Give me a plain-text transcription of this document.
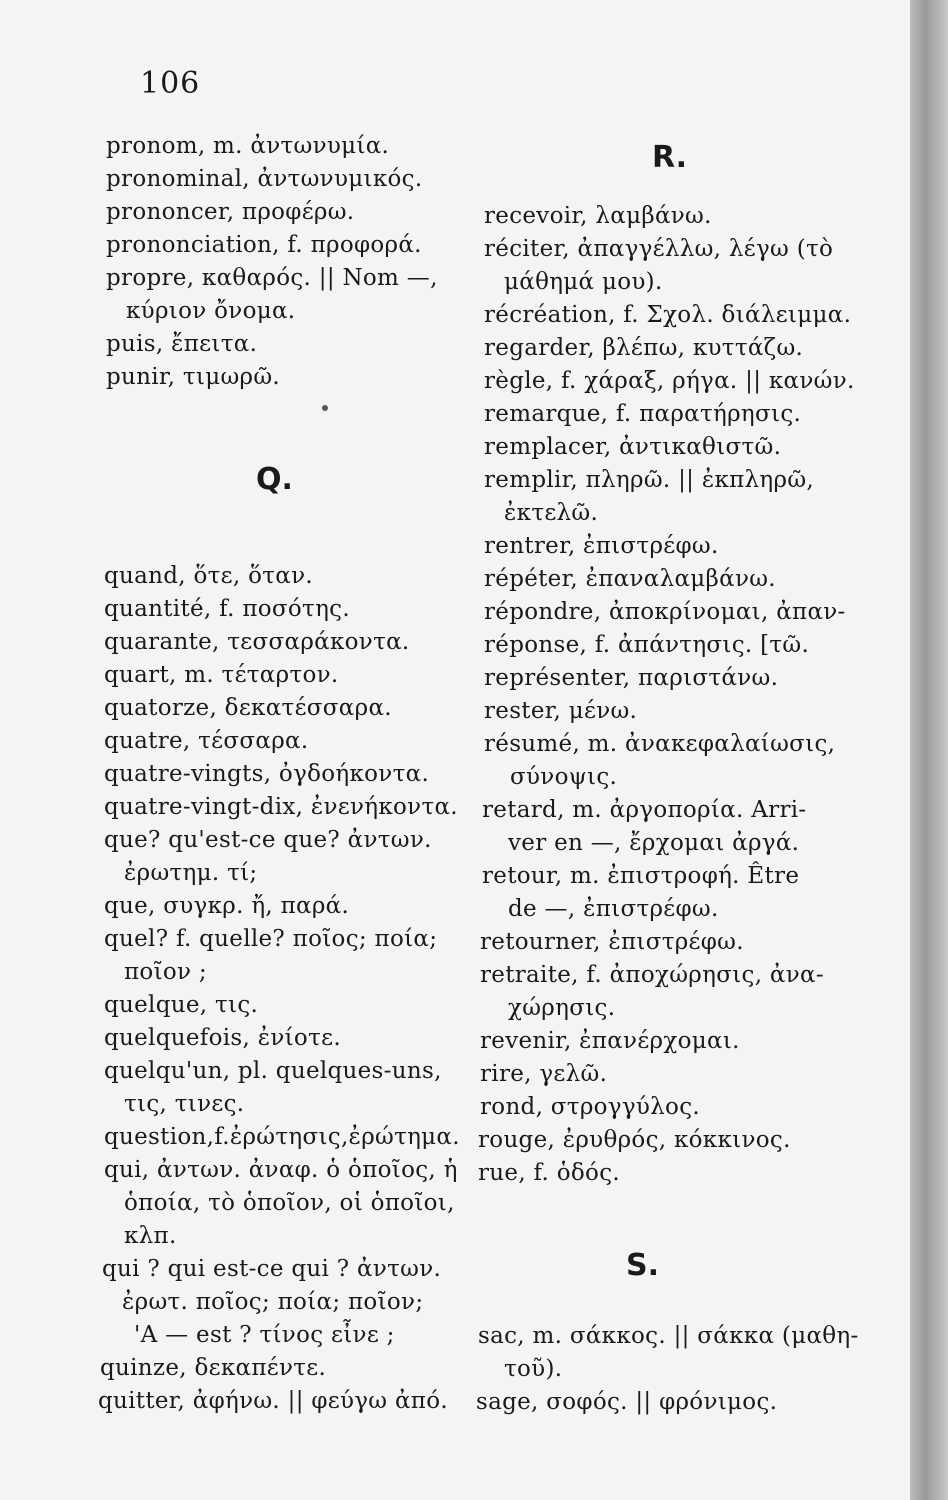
106
pronom, m. ἀντωνυμία.
pronominal, ἀντωνυμικός.
prononcer, προφέρω.
prononciation, f. προφορά.
propre, καθαρός. || Nom —,
κύριον ὄνομα.
puis, ἔπειτα.
punir, τιμωρῶ.
Q.
quand, ὅτε, ὅταν.
quantité, f. ποσότης.
quarante, τεσσαράκοντα.
quart, m. τέταρτον.
quatorze, δεκατέσσαρα.
quatre, τέσσαρα.
quatre-vingts, ὀγδοήκοντα.
quatre-vingt-dix, ἐνενήκοντα.
que? qu'est-ce que? ἀντων.
ἐρωτημ. τί;
que, συγκρ. ἤ, παρά.
quel? f. quelle? ποῖος; ποία;
ποῖον ;
quelque, τις.
quelquefois, ἐνίοτε.
quelqu'un, pl. quelques-uns,
τις, τινες.
question,f.ἐρώτησις,ἐρώτημα.
qui, ἀντων. ἀναφ. ὁ ὁποῖος, ἡ
ὁποία, τὸ ὁποῖον, οἱ ὁποῖοι,
κλπ.
qui ? qui est-ce qui ? ἀντων.
ἐρωτ. ποῖος; ποία; ποῖον;
'A — est ? τίνος εἶνε ;
quinze, δεκαπέντε.
quitter, ἀφήνω. || φεύγω ἀπό.
R.
recevoir, λαμβάνω.
réciter, ἀπαγγέλλω, λέγω (τὸ
μάθημά μου).
récréation, f. Σχολ. διάλειμμα.
regarder, βλέπω, κυττάζω.
règle, f. χάραξ, ρήγα. || κανών.
remarque, f. παρατήρησις.
remplacer, ἀντικαθιστῶ.
remplir, πληρῶ. || ἐκπληρῶ,
ἐκτελῶ.
rentrer, ἐπιστρέφω.
répéter, ἐπαναλαμβάνω.
répondre, ἀποκρίνομαι, ἀπαν-
réponse, f. ἀπάντησις. [τῶ.
représenter, παριστάνω.
rester, μένω.
résumé, m. ἀνακεφαλαίωσις,
σύνοψις.
retard, m. ἀργοπορία. Arri-
ver en —, ἔρχομαι ἀργά.
retour, m. ἐπιστροφή. Être
de —, ἐπιστρέφω.
retourner, ἐπιστρέφω.
retraite, f. ἀποχώρησις, ἀνα-
χώρησις.
revenir, ἐπανέρχομαι.
rire, γελῶ.
rond, στρογγύλος.
rouge, ἐρυθρός, κόκκινος.
rue, f. ὁδός.
S.
sac, m. σάκκος. || σάκκα (μαθη-
τοῦ).
sage, σοφός. || φρόνιμος.
